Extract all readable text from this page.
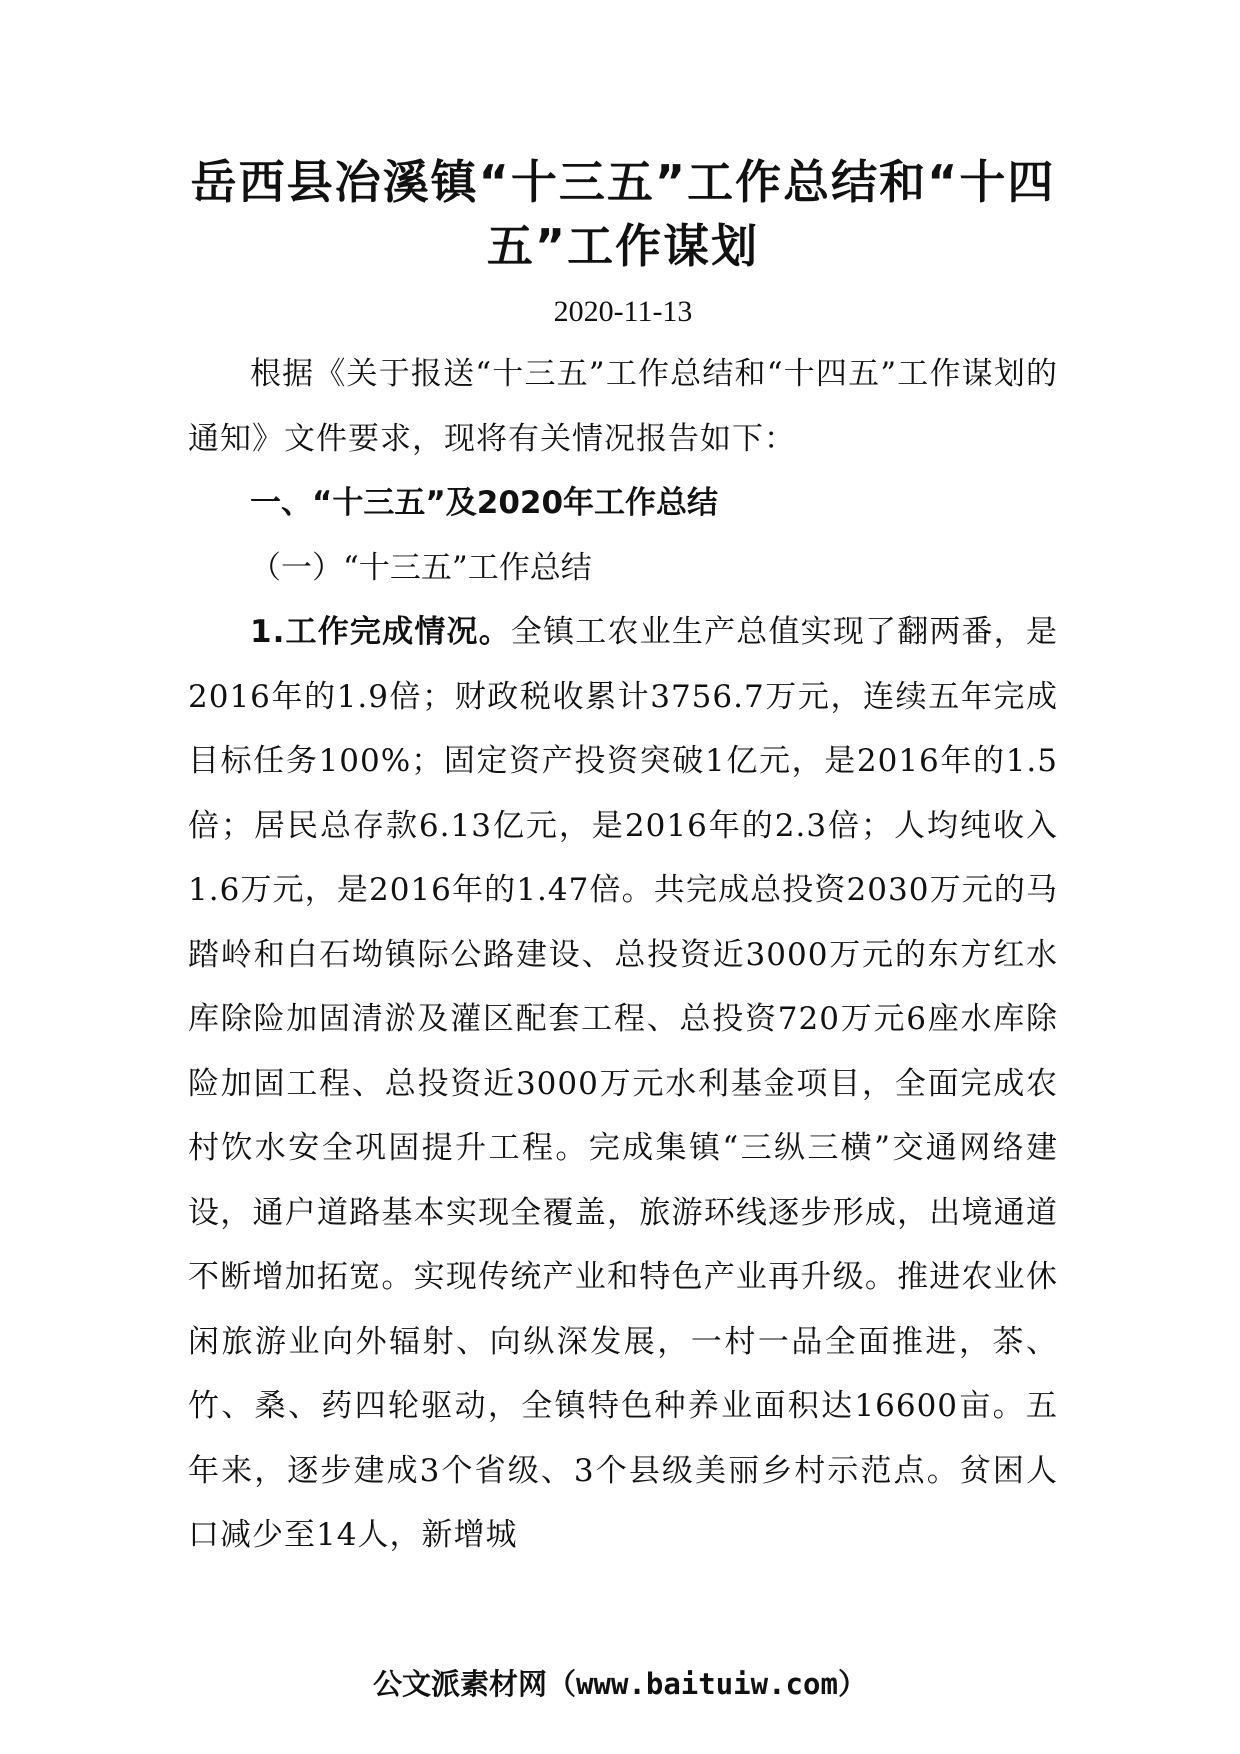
岳西县冶溪镇“十三五”工作总结和“十四五”工作谋划
2020-11-13

根据《关于报送“十三五”工作总结和“十四五”工作谋划的通知》文件要求，现将有关情况报告如下：

一、“十三五”及2020年工作总结

（一）“十三五”工作总结

1.工作完成情况。全镇工农业生产总值实现了翻两番，是2016年的1.9倍；财政税收累计3756.7万元，连续五年完成目标任务100%；固定资产投资突破1亿元，是2016年的1.5倍；居民总存款6.13亿元，是2016年的2.3倍；人均纯收入1.6万元，是2016年的1.47倍。共完成总投资2030万元的马踏岭和白石坳镇际公路建设、总投资近3000万元的东方红水库除险加固清淤及灌区配套工程、总投资720万元6座水库除险加固工程、总投资近3000万元水利基金项目，全面完成农村饮水安全巩固提升工程。完成集镇“三纵三横”交通网络建设，通户道路基本实现全覆盖，旅游环线逐步形成，出境通道不断增加拓宽。实现传统产业和特色产业再升级。推进农业休闲旅游业向外辐射、向纵深发展，一村一品全面推进，茶、竹、桑、药四轮驱动，全镇特色种养业面积达16600亩。五年来，逐步建成3个省级、3个县级美丽乡村示范点。贫困人口减少至14人，新增城

公文派素材网（www.baituiw.com）
